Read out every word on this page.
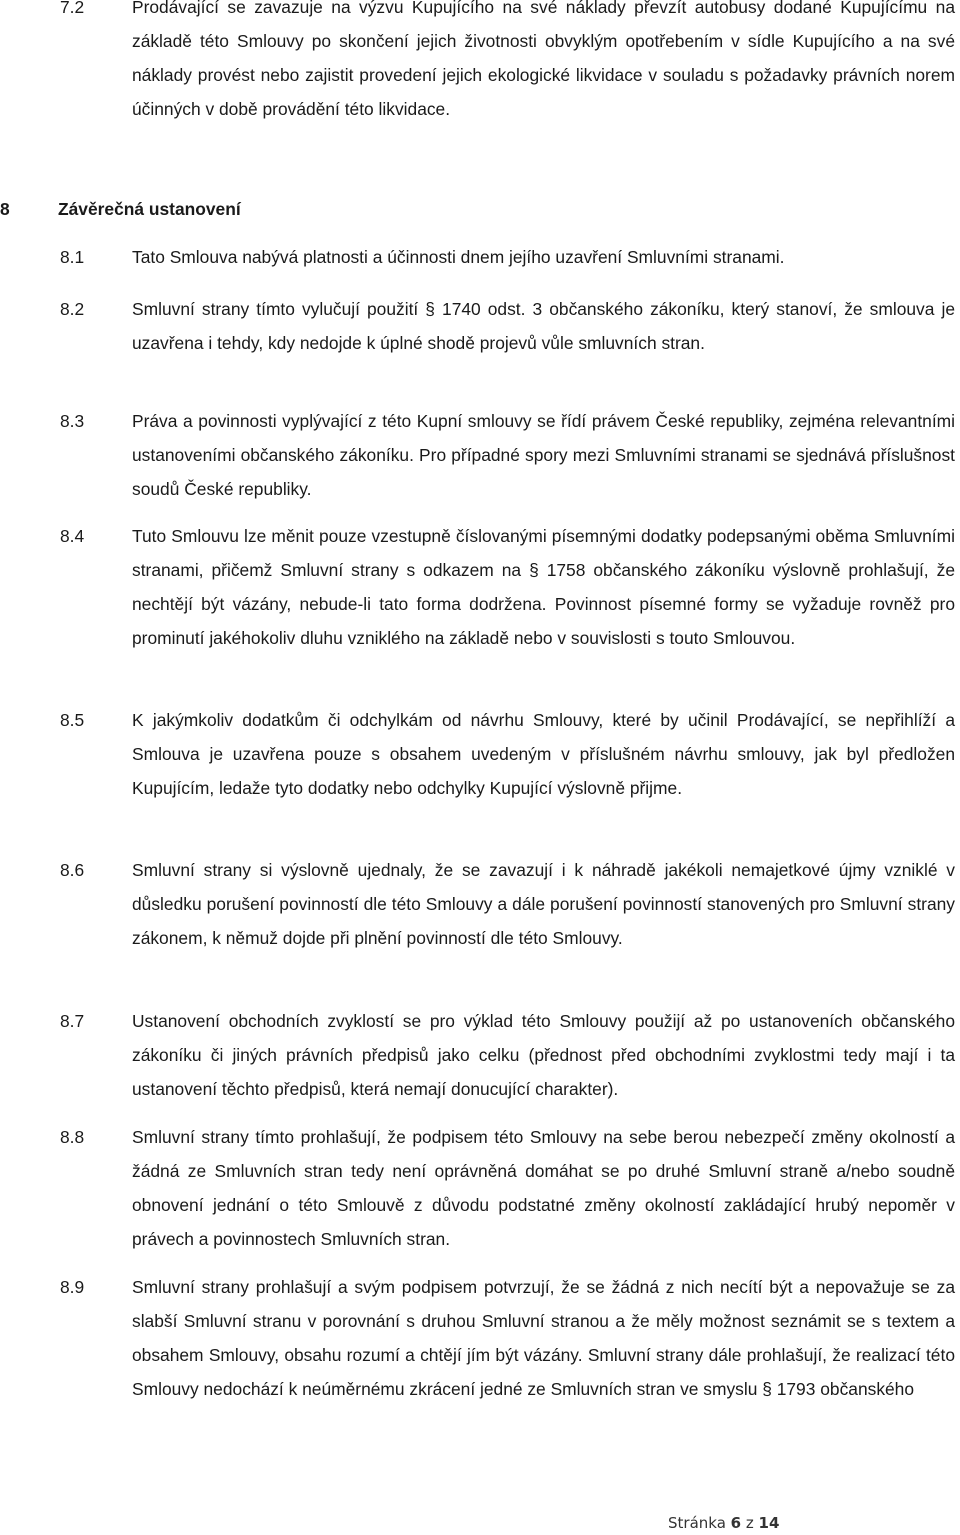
7.2	Prodávající se zavazuje na výzvu Kupujícího na své náklady převzít autobusy dodané Kupujícímu na základě této Smlouvy po skončení jejich životnosti obvyklým opotřebením v sídle Kupujícího a na své náklady provést nebo zajistit provedení jejich ekologické likvidace v souladu s požadavky právních norem účinných v době provádění této likvidace.
8	Závěrečná ustanovení
8.1	Tato Smlouva nabývá platnosti a účinnosti dnem jejího uzavření Smluvními stranami.
8.2	Smluvní strany tímto vylučují použití § 1740 odst. 3 občanského zákoníku, který stanoví, že smlouva je uzavřena i tehdy, kdy nedojde k úplné shodě projevů vůle smluvních stran.
8.3	Práva a povinnosti vyplývající z této Kupní smlouvy se řídí právem České republiky, zejména relevantními ustanoveními občanského zákoníku. Pro případné spory mezi Smluvními stranami se sjednává příslušnost soudů České republiky.
8.4	Tuto Smlouvu lze měnit pouze vzestupně číslovanými písemnými dodatky podepsanými oběma Smluvními stranami, přičemž Smluvní strany s odkazem na § 1758 občanského zákoníku výslovně prohlašují, že nechtějí být vázány, nebude-li tato forma dodržena. Povinnost písemné formy se vyžaduje rovněž pro prominutí jakéhokoliv dluhu vzniklého na základě nebo v souvislosti s touto Smlouvou.
8.5	K jakýmkoliv dodatkům či odchylkám od návrhu Smlouvy, které by učinil Prodávající, se nepřihlíží a Smlouva je uzavřena pouze s obsahem uvedeným v příslušném návrhu smlouvy, jak byl předložen Kupujícím, ledaže tyto dodatky nebo odchylky Kupující výslovně přijme.
8.6	Smluvní strany si výslovně ujednaly, že se zavazují i k náhradě jakékoli nemajetkové újmy vzniklé v důsledku porušení povinností dle této Smlouvy a dále porušení povinností stanovených pro Smluvní strany zákonem, k němuž dojde při plnění povinností dle této Smlouvy.
8.7	Ustanovení obchodních zvyklostí se pro výklad této Smlouvy použijí až po ustanoveních občanského zákoníku či jiných právních předpisů jako celku (přednost před obchodními zvyklostmi tedy mají i ta ustanovení těchto předpisů, která nemají donucující charakter).
8.8	Smluvní strany tímto prohlašují, že podpisem této Smlouvy na sebe berou nebezpečí změny okolností a žádná ze Smluvních stran tedy není oprávněná domáhat se po druhé Smluvní straně a/nebo soudně obnovení jednání o této Smlouvě z důvodu podstatné změny okolností zakládající hrubý nepoměr v právech a povinnostech Smluvních stran.
8.9	Smluvní strany prohlašují a svým podpisem potvrzují, že se žádná z nich necítí být a nepovažuje se za slabší Smluvní stranu v porovnání s druhou Smluvní stranou a že měly možnost seznámit se s textem a obsahem Smlouvy, obsahu rozumí a chtějí jím být vázány. Smluvní strany dále prohlašují, že realizací této Smlouvy nedochází k neúměrnému zkrácení jedné ze Smluvních stran ve smyslu § 1793 občanského
Stránka 6 z 14
